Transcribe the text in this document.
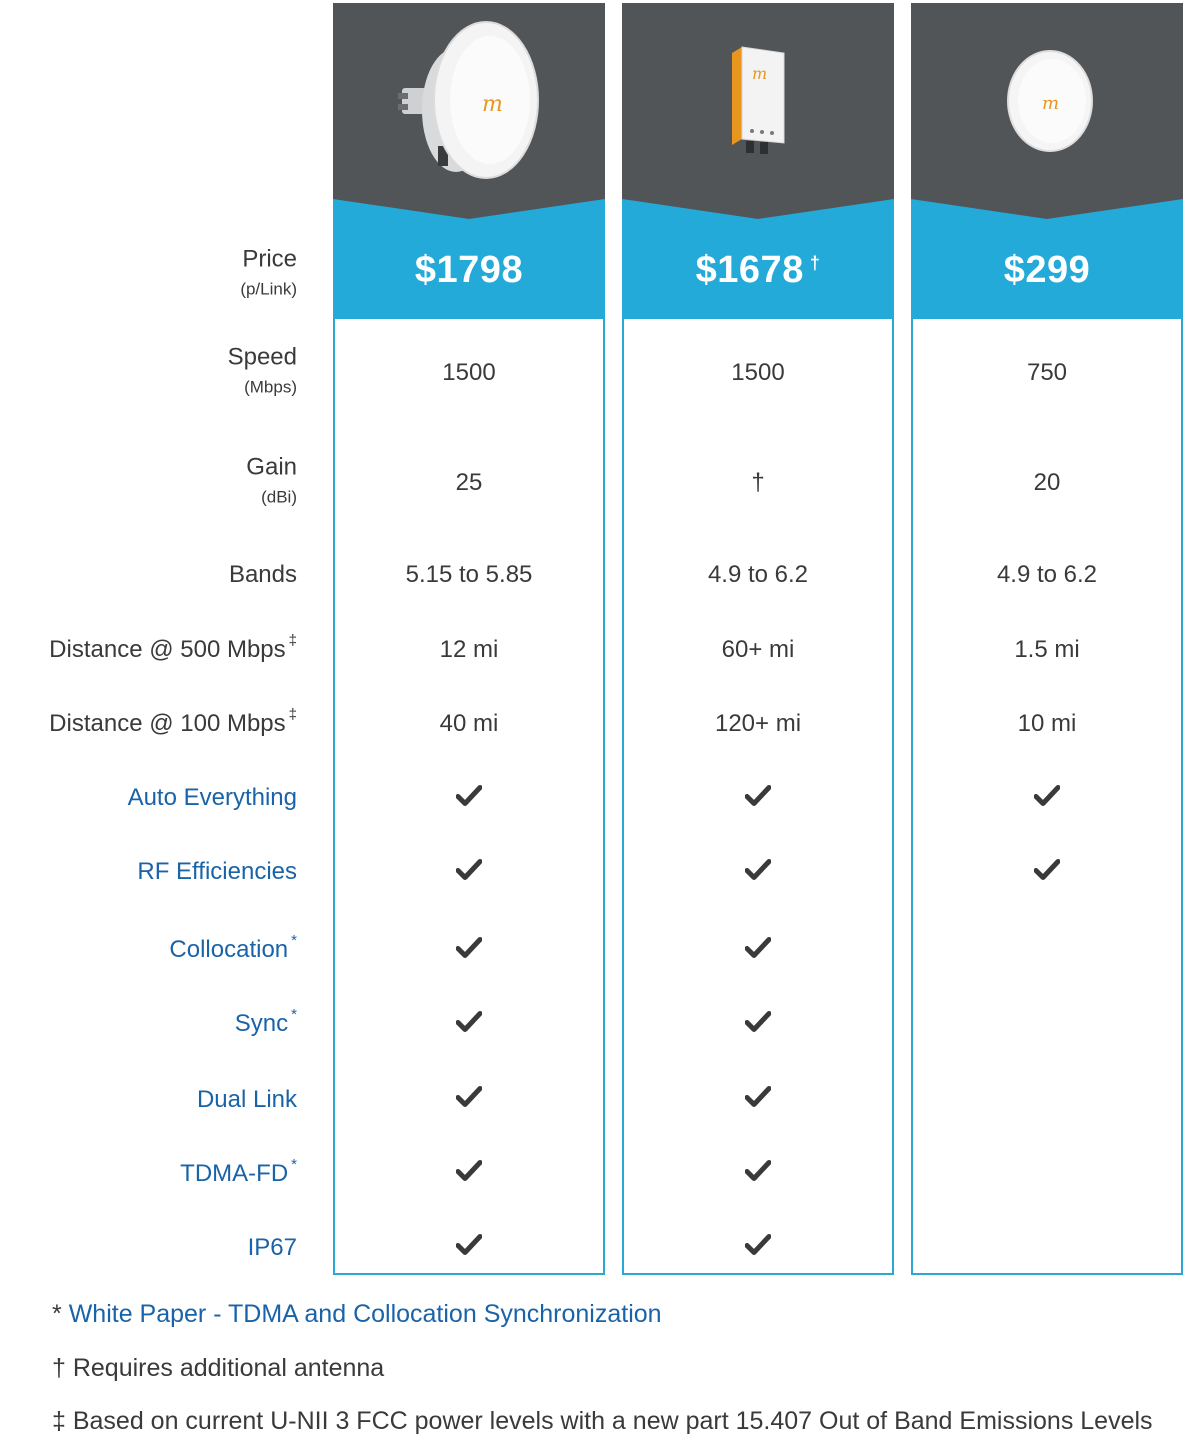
Price
(p/Link)
Speed
(Mbps)
Gain
(dBi)
Bands
Distance @ 500 Mbps ‡
Distance @ 100 Mbps ‡
Auto Everything
RF Efficiencies
Collocation *
Sync *
Dual Link
TDMA-FD *
IP67
m
$1798
1500
25
5.15 to 5.85
12 mi
40 mi
m
$1678 †
1500
†
4.9 to 6.2
60+ mi
120+ mi
m
$299
750
20
4.9 to 6.2
1.5 mi
10 mi
* White Paper - TDMA and Collocation Synchronization
† Requires additional antenna
‡ Based on current U-NII 3 FCC power levels with a new part 15.407 Out of Band Emissions Levels
